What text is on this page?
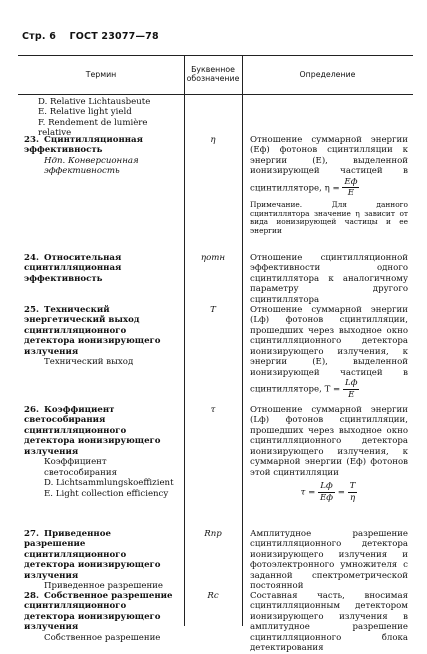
Стр. 6 ГОСТ 23077—78
Термин	Буквенное обозначение	Определение

D. Relative Lichtausbeute

E. Relative light yield

F. Rendement de lumière relative

23. Сцинтилляционная эффективность

Ндп. Конверсионная эффективность

η	Отношение суммарной энергии (Eф) фотонов сцинтилляции к энергии (E), выделенной ионизирующей частицей в сцинтилляторе, $\eta = \frac{Eф}{E}$

Примечание. Для данного сцинтиллятора значение η зависит от вида ионизирующей частицы и ее энергии

24. Относительная сцинтилляционная эффективность

ηотн	Отношение сцинтилляционной эффективности одного сцинтиллятора к аналогичному параметру другого сцинтиллятора

25. Технический энергетический выход сцинтилляционного детектора ионизирующего излучения

Технический выход

T	Отношение суммарной энергии (Lф) фотонов сцинтилляции, прошедших через выходное окно сцинтилляционного детектора ионизирующего излучения, к энергии (E), выделенной ионизирующей частицей в сцинтилляторе, $T = \frac{Lф}{E}$

26. Коэффициент светособирания сцинтилляционного детектора ионизирующего излучения

Коэффициент светособирания

D. Lichtsammlungskoeffizient

E. Light collection efficiency

τ	Отношение суммарной энергии (Lф) фотонов сцинтилляции, прошедших через выходное окно сцинтилляционного детектора ионизирующего излучения, к суммарной энергии (Eф) фотонов этой сцинтилляции

$\tau = \frac{Lф}{Eф} = \frac{T}{\eta}$

27. Приведенное разрешение сцинтилляционного детектора ионизирующего излучения

Приведенное разрешение

Rпр	Амплитудное разрешение сцинтилляционного детектора ионизирующего излучения и фотоэлектронного умножителя с заданной спектрометрической постоянной

28. Собственное разрешение сцинтилляционного детектора ионизирующего излучения

Собственное разрешение

Rс	Составная часть, вносимая сцинтилляционным детектором ионизирующего излучения в амплитудное разрешение сцинтилляционного блока детектирования
